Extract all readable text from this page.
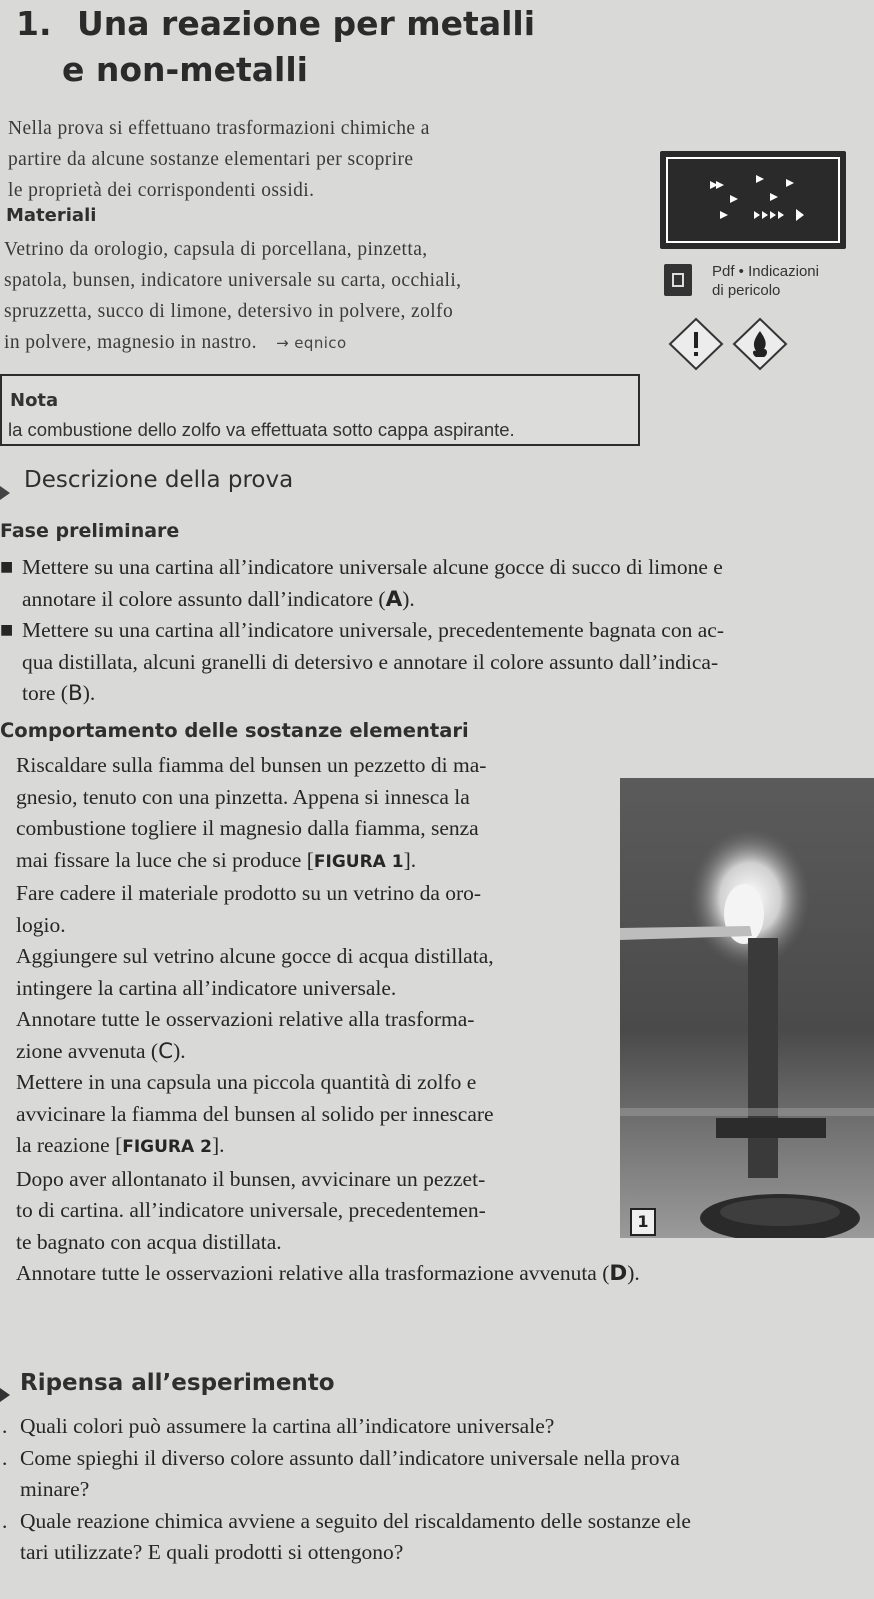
1. Una reazione per metalli
e non-metalli
Nella prova si effettuano trasformazioni chimiche a
partire da alcune sostanze elementari per scoprire
le proprietà dei corrispondenti ossidi.
Materiali
Vetrino da orologio, capsula di porcellana, pinzetta,
spatola, bunsen, indicatore universale su carta, occhiali,
spruzzetta, succo di limone, detersivo in polvere, zolfo
in polvere, magnesio in nastro. → eqnico
Pdf • Indicazioni
di pericolo
Nota
la combustione dello zolfo va effettuata sotto cappa aspirante.
Descrizione della prova
Fase preliminare
■ Mettere su una cartina all’indicatore universale alcune gocce di succo di limone e
annotare il colore assunto dall’indicatore (A).
■ Mettere su una cartina all’indicatore universale, precedentemente bagnata con ac-
qua distillata, alcuni granelli di detersivo e annotare il colore assunto dall’indica-
tore (B).
Comportamento delle sostanze elementari
1
Riscaldare sulla fiamma del bunsen un pezzetto di ma-
gnesio, tenuto con una pinzetta. Appena si innesca la
combustione togliere il magnesio dalla fiamma, senza
mai fissare la luce che si produce [FIGURA 1].
Fare cadere il materiale prodotto su un vetrino da oro-
logio.
Aggiungere sul vetrino alcune gocce di acqua distillata,
intingere la cartina all’indicatore universale.
Annotare tutte le osservazioni relative alla trasforma-
zione avvenuta (C).
Mettere in una capsula una piccola quantità di zolfo e
avvicinare la fiamma del bunsen al solido per innescare
la reazione [FIGURA 2].
Dopo aver allontanato il bunsen, avvicinare un pezzet-
to di cartina. all’indicatore universale, precedentemen-
te bagnato con acqua distillata.
Annotare tutte le osservazioni relative alla trasformazione avvenuta (D).
Ripensa all’esperimento
. Quali colori può assumere la cartina all’indicatore universale?
. Come spieghi il diverso colore assunto dall’indicatore universale nella prova
minare?
. Quale reazione chimica avviene a seguito del riscaldamento delle sostanze ele
tari utilizzate? E quali prodotti si ottengono?
